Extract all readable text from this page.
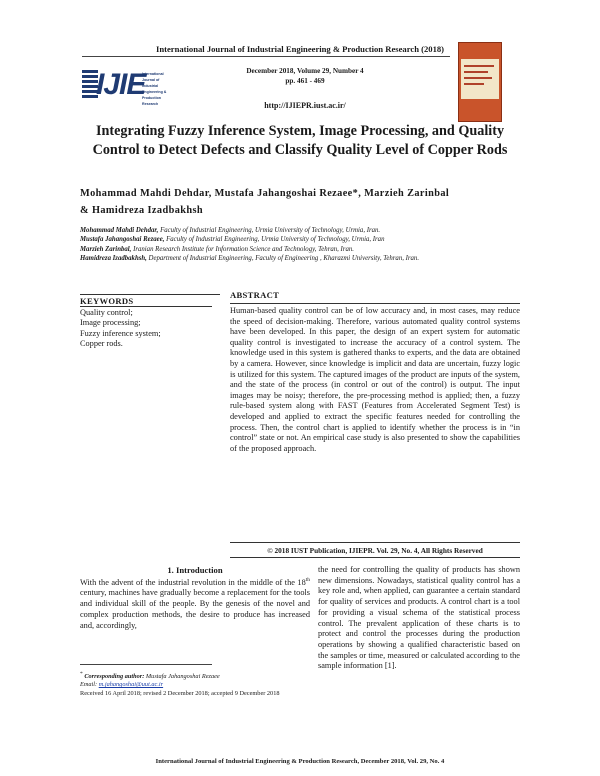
International Journal of Industrial Engineering & Production Research (2018)
IJIE
International Journal of
Industrial Engineering &
Production Research
December 2018, Volume 29, Number 4
pp. 461 - 469
http://IJIEPR.iust.ac.ir/
Integrating Fuzzy Inference System, Image Processing, and Quality
Control to Detect Defects and Classify Quality Level of Copper Rods
Mohammad Mahdi Dehdar, Mustafa Jahangoshai Rezaee*, Marzieh Zarinbal
& Hamidreza Izadbakhsh
Mohammad Mahdi Dehdar, Faculty of Industrial Engineering, Urmia University of Technology, Urmia, Iran.
Mustafa Jahangoshai Rezaee, Faculty of Industrial Engineering, Urmia University of Technology, Urmia, Iran
Marzieh Zarinbal, Iranian Research Institute for Information Science and Technology, Tehran, Iran.
Hamidreza Izadbakhsh, Department of Industrial Engineering, Faculty of Engineering , Kharazmi University, Tehran, Iran.
KEYWORDS
Quality control;
Image processing;
Fuzzy inference system;
Copper rods.
ABSTRACT
Human-based quality control can be of low accuracy and, in most cases, may reduce the speed of decision-making. Therefore, various automated quality control systems have been developed. In this paper, the design of an expert system for automatic quality control is investigated to increase the accuracy of a control system. The knowledge used in this system is gathered thanks to experts, and the data are obtained by a camera. However, since knowledge is implicit and data are uncertain, fuzzy logic is utilized for this system. The captured images of the product are inputs of the system, and the state of the process (in control or out of the control) is output. The input images may be noisy; therefore, the pre-processing method is applied; then, a fuzzy rule-based system along with FAST (Features from Accelerated Segment Test) is developed and applied to extract the specific features needed for controlling the process. Then, the control chart is applied to identify whether the process is in “in control” state or not. An empirical case study is also presented to show the capabilities of the proposed approach.
© 2018 IUST Publication, IJIEPR. Vol. 29, No. 4, All Rights Reserved
1. Introduction
With the advent of the industrial revolution in the middle of the 18th century, machines have gradually become a replacement for the tools and individual skill of the people. By the genesis of the novel and complex production methods, the desire to produce has increased and, accordingly,
the need for controlling the quality of products has shown new dimensions. Nowadays, statistical quality control has a key role and, when applied, can guarantee a certain standard for quality of services and products. A control chart is a tool for providing a visual schema of the statistical process control. The prevalent application of these charts is to protect and control the processes during the production operations by showing a qualified characteristic based on the samples or time, measured or calculated according to the sample information [1].
* Corresponding author: Mustafa Jahangoshai Rezaee
Email: m.jahangoshai@uut.ac.ir
Received 16 April 2018; revised 2 December 2018; accepted 9 December 2018
International Journal of Industrial Engineering & Production Research, December 2018, Vol. 29, No. 4
